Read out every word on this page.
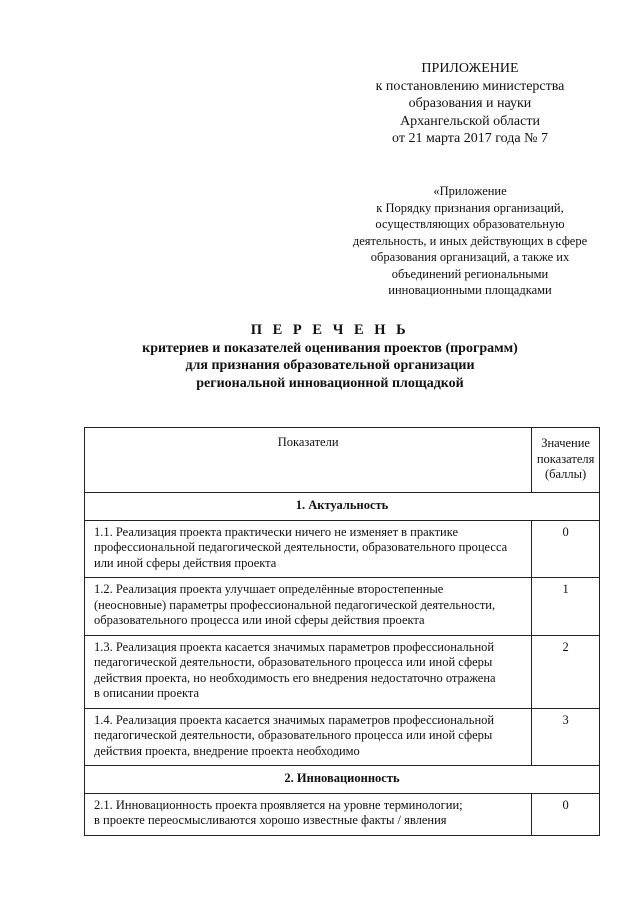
ПРИЛОЖЕНИЕ
к постановлению министерства
образования и науки
Архангельской области
от 21 марта 2017 года № 7
«Приложение
к Порядку признания организаций,
осуществляющих образовательную
деятельность, и иных действующих в сфере
образования организаций, а также их
объединений региональными
инновационными площадками
П Е Р Е Ч Е Н Ь
критериев и показателей оценивания проектов (программ)
для признания образовательной организации
региональной инновационной площадкой
Показатели	Значение
показателя
(баллы)

1. Актуальность	

1.1. Реализация проекта практически ничего не изменяет в практике
профессиональной педагогической деятельности, образовательного процесса
или иной сферы действия проекта	0

1.2. Реализация проекта улучшает определённые второстепенные
(неосновные) параметры профессиональной педагогической деятельности,
образовательного процесса или иной сферы действия проекта	1

1.3. Реализация проекта касается значимых параметров профессиональной
педагогической деятельности, образовательного процесса или иной сферы
действия проекта, но необходимость его внедрения недостаточно отражена
в описании проекта	2

1.4. Реализация проекта касается значимых параметров профессиональной
педагогической деятельности, образовательного процесса или иной сферы
действия проекта, внедрение проекта необходимо	3
2. Инновационность	

2.1. Инновационность проекта проявляется на уровне терминологии;
в проекте переосмысливаются хорошо известные факты / явления	0
